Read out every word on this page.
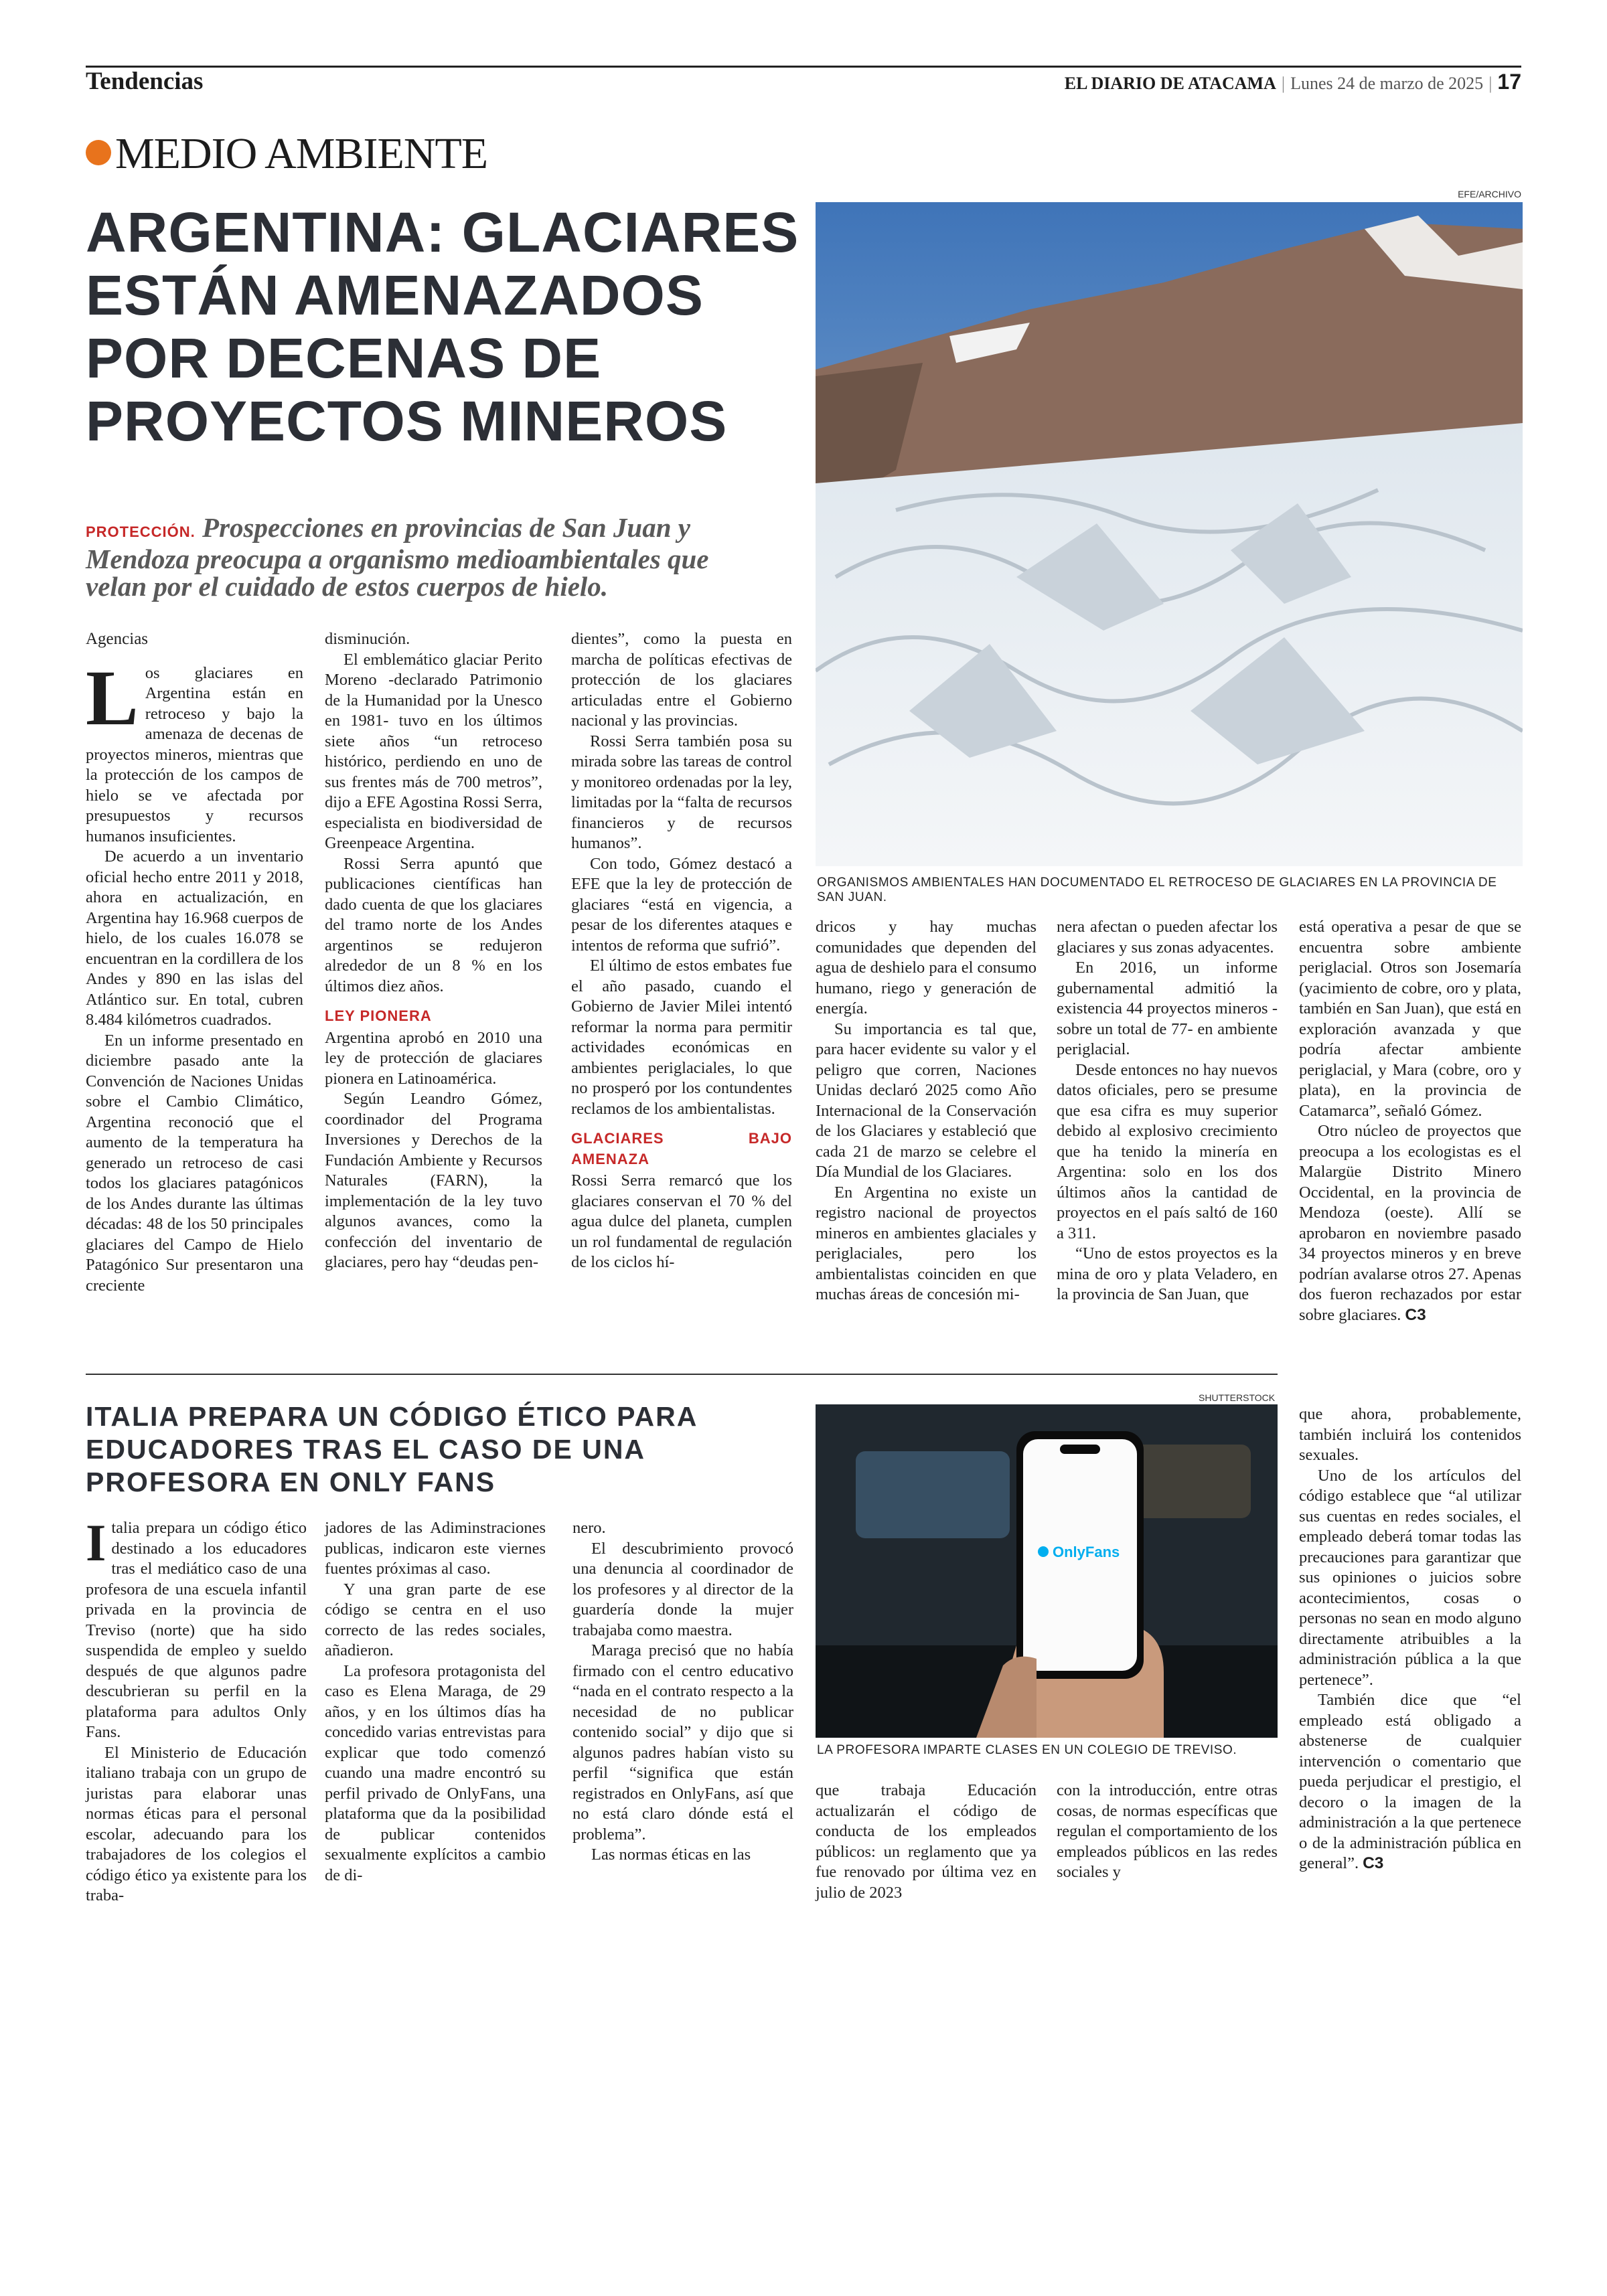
Tendencias	EL DIARIO DE ATACAMA | Lunes 24 de marzo de 2025 | 17
MEDIO AMBIENTE
ARGENTINA: GLACIARES ESTÁN AMENAZADOS POR DECENAS DE PROYECTOS MINEROS
PROTECCIÓN. Prospecciones en provincias de San Juan y Mendoza preocupa a organismo medioambientales que velan por el cuidado de estos cuerpos de hielo.
EFE/ARCHIVO
ORGANISMOS AMBIENTALES HAN DOCUMENTADO EL RETROCESO DE GLACIARES EN LA PROVINCIA DE SAN JUAN.
Agencias

Los glaciares en Argentina están en retroceso y bajo la amenaza de decenas de proyectos mineros, mientras que la protección de los campos de hielo se ve afectada por presupuestos y recursos humanos insuficientes.

De acuerdo a un inventario oficial hecho entre 2011 y 2018, ahora en actualización, en Argentina hay 16.968 cuerpos de hielo, de los cuales 16.078 se encuentran en la cordillera de los Andes y 890 en las islas del Atlántico sur. En total, cubren 8.484 kilómetros cuadrados.

En un informe presentado en diciembre pasado ante la Convención de Naciones Unidas sobre el Cambio Climático, Argentina reconoció que el aumento de la temperatura ha generado un retroceso de casi todos los glaciares patagónicos de los Andes durante las últimas décadas: 48 de los 50 principales glaciares del Campo de Hielo Patagónico Sur presentaron una creciente

disminución.

El emblemático glaciar Perito Moreno -declarado Patrimonio de la Humanidad por la Unesco en 1981- tuvo en los últimos siete años “un retroceso histórico, perdiendo en uno de sus frentes más de 700 metros”, dijo a EFE Agostina Rossi Serra, especialista en biodiversidad de Greenpeace Argentina.

Rossi Serra apuntó que publicaciones científicas han dado cuenta de que los glaciares del tramo norte de los Andes argentinos se redujeron alrededor de un 8 % en los últimos diez años.

LEY PIONERA

Argentina aprobó en 2010 una ley de protección de glaciares pionera en Latinoamérica.

Según Leandro Gómez, coordinador del Programa Inversiones y Derechos de la Fundación Ambiente y Recursos Naturales (FARN), la implementación de la ley tuvo algunos avances, como la confección del inventario de glaciares, pero hay “deudas pen-

dientes”, como la puesta en marcha de políticas efectivas de protección de los glaciares articuladas entre el Gobierno nacional y las provincias.

Rossi Serra también posa su mirada sobre las tareas de control y monitoreo ordenadas por la ley, limitadas por la “falta de recursos financieros y de recursos humanos”.

Con todo, Gómez destacó a EFE que la ley de protección de glaciares “está en vigencia, a pesar de los diferentes ataques e intentos de reforma que sufrió”.

El último de estos embates fue el año pasado, cuando el Gobierno de Javier Milei intentó reformar la norma para permitir actividades económicas en ambientes periglaciales, lo que no prosperó por los contundentes reclamos de los ambientalistas.

GLACIARES BAJO AMENAZA

Rossi Serra remarcó que los glaciares conservan el 70 % del agua dulce del planeta, cumplen un rol fundamental de regulación de los ciclos hí-

dricos y hay muchas comunidades que dependen del agua de deshielo para el consumo humano, riego y generación de energía.

Su importancia es tal que, para hacer evidente su valor y el peligro que corren, Naciones Unidas declaró 2025 como Año Internacional de la Conservación de los Glaciares y estableció que cada 21 de marzo se celebre el Día Mundial de los Glaciares.

En Argentina no existe un registro nacional de proyectos mineros en ambientes glaciales y periglaciales, pero los ambientalistas coinciden en que muchas áreas de concesión mi-

nera afectan o pueden afectar los glaciares y sus zonas adyacentes.

En 2016, un informe gubernamental admitió la existencia 44 proyectos mineros -sobre un total de 77- en ambiente periglacial.

Desde entonces no hay nuevos datos oficiales, pero se presume que esa cifra es muy superior debido al explosivo crecimiento que ha tenido la minería en Argentina: solo en los dos últimos años la cantidad de proyectos en el país saltó de 160 a 311.

“Uno de estos proyectos es la mina de oro y plata Veladero, en la provincia de San Juan, que

está operativa a pesar de que se encuentra sobre ambiente periglacial. Otros son Josemaría (yacimiento de cobre, oro y plata, también en San Juan), que está en exploración avanzada y que podría afectar ambiente periglacial, y Mara (cobre, oro y plata), en la provincia de Catamarca”, señaló Gómez.

Otro núcleo de proyectos que preocupa a los ecologistas es el Malargüe Distrito Minero Occidental, en la provincia de Mendoza (oeste). Allí se aprobaron en noviembre pasado 34 proyectos mineros y en breve podrían avalarse otros 27. Apenas dos fueron rechazados por estar sobre glaciares. C3

ITALIA PREPARA UN CÓDIGO ÉTICO PARA EDUCADORES TRAS EL CASO DE UNA PROFESORA EN ONLY FANS
SHUTTERSTOCK
OnlyFans
LA PROFESORA IMPARTE CLASES EN UN COLEGIO DE TREVISO.

Italia prepara un código ético destinado a los educadores tras el mediático caso de una profesora de una escuela infantil privada en la provincia de Treviso (norte) que ha sido suspendida de empleo y sueldo después de que algunos padre descubrieran su perfil en la plataforma para adultos Only Fans.

El Ministerio de Educación italiano trabaja con un grupo de juristas para elaborar unas normas éticas para el personal escolar, adecuando para los trabajadores de los colegios el código ético ya existente para los traba-

jadores de las Adiminstraciones publicas, indicaron este viernes fuentes próximas al caso.

Y una gran parte de ese código se centra en el uso correcto de las redes sociales, añadieron.

La profesora protagonista del caso es Elena Maraga, de 29 años, y en los últimos días ha concedido varias entrevistas para explicar que todo comenzó cuando una madre encontró su perfil privado de OnlyFans, una plataforma que da la posibilidad de publicar contenidos sexualmente explícitos a cambio de di-

nero.

El descubrimiento provocó una denuncia al coordinador de los profesores y al director de la guardería donde la mujer trabajaba como maestra.

Maraga precisó que no había firmado con el centro educativo “nada en el contrato respecto a la necesidad de no publicar contenido social” y dijo que si algunos padres habían visto su perfil “significa que están registrados en OnlyFans, así que no está claro dónde está el problema”.

Las normas éticas en las

que trabaja Educación actualizarán el código de conducta de los empleados públicos: un reglamento que ya fue renovado por última vez en julio de 2023

con la introducción, entre otras cosas, de normas específicas que regulan el comportamiento de los empleados públicos en las redes sociales y

que ahora, probablemente, también incluirá los contenidos sexuales.

Uno de los artículos del código establece que “al utilizar sus cuentas en redes sociales, el empleado deberá tomar todas las precauciones para garantizar que sus opiniones o juicios sobre acontecimientos, cosas o personas no sean en modo alguno directamente atribuibles a la administración pública a la que pertenece”.

También dice que “el empleado está obligado a abstenerse de cualquier intervención o comentario que pueda perjudicar el prestigio, el decoro o la imagen de la administración a la que pertenece o de la administración pública en general”. C3
